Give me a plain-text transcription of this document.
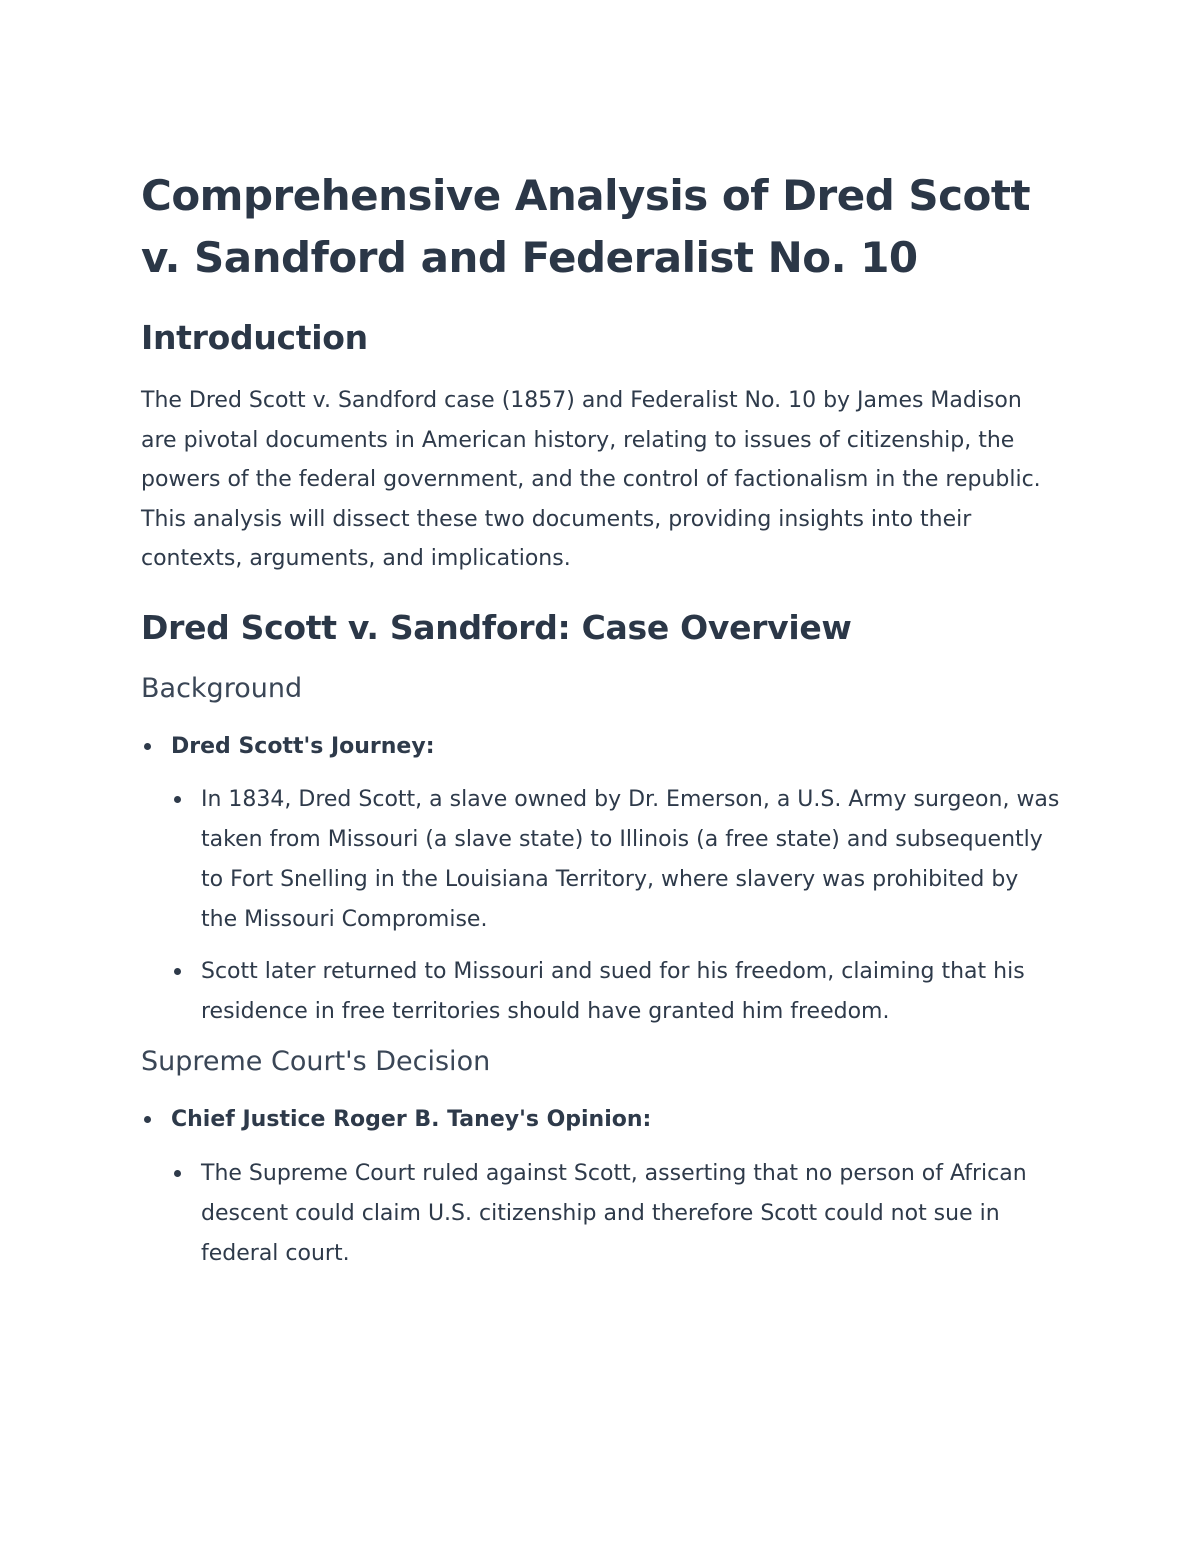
Comprehensive Analysis of Dred Scott v. Sandford and Federalist No. 10
Introduction

The Dred Scott v. Sandford case (1857) and Federalist No. 10 by James Madison are pivotal documents in American history, relating to issues of citizenship, the powers of the federal government, and the control of factionalism in the republic. This analysis will dissect these two documents, providing insights into their contexts, arguments, and implications.

Dred Scott v. Sandford: Case Overview
Background
Dred Scott's Journey:
In 1834, Dred Scott, a slave owned by Dr. Emerson, a U.S. Army surgeon, was taken from Missouri (a slave state) to Illinois (a free state) and subsequently to Fort Snelling in the Louisiana Territory, where slavery was prohibited by the Missouri Compromise.
Scott later returned to Missouri and sued for his freedom, claiming that his residence in free territories should have granted him freedom.
Supreme Court's Decision
Chief Justice Roger B. Taney's Opinion:
The Supreme Court ruled against Scott, asserting that no person of African descent could claim U.S. citizenship and therefore Scott could not sue in federal court.
